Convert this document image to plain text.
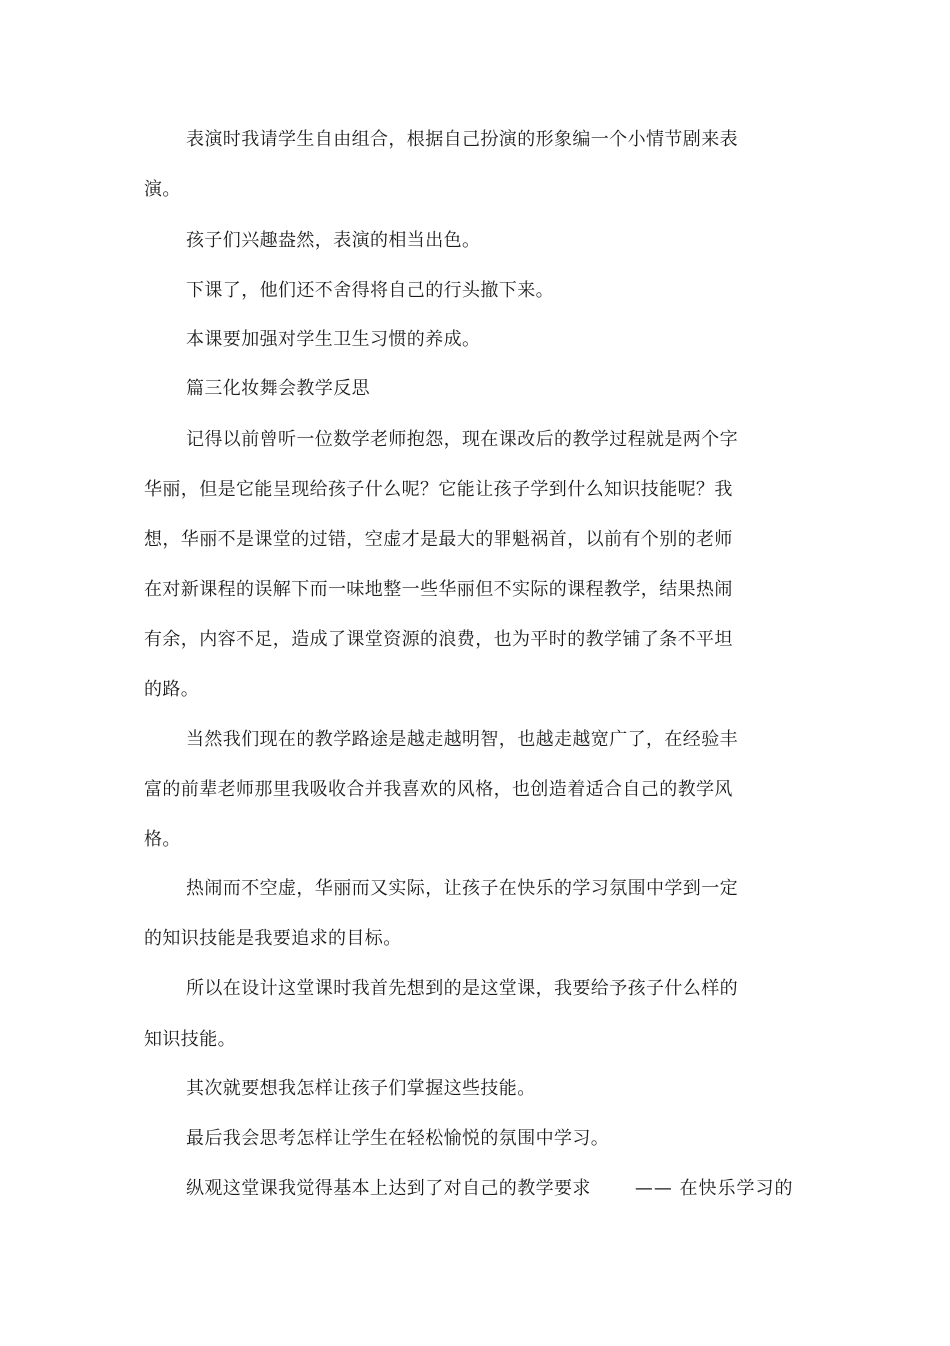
表演时我请学生自由组合，根据自己扮演的形象编一个小情节剧来表
演。
孩子们兴趣盎然，表演的相当出色。
下课了，他们还不舍得将自己的行头撤下来。
本课要加强对学生卫生习惯的养成。
篇三化妆舞会教学反思
记得以前曾听一位数学老师抱怨，现在课改后的教学过程就是两个字
华丽，但是它能呈现给孩子什么呢？它能让孩子学到什么知识技能呢？我
想，华丽不是课堂的过错，空虚才是最大的罪魁祸首，以前有个别的老师
在对新课程的误解下而一味地整一些华丽但不实际的课程教学，结果热闹
有余，内容不足，造成了课堂资源的浪费，也为平时的教学铺了条不平坦
的路。
当然我们现在的教学路途是越走越明智，也越走越宽广了，在经验丰
富的前辈老师那里我吸收合并我喜欢的风格，也创造着适合自己的教学风
格。
热闹而不空虚，华丽而又实际，让孩子在快乐的学习氛围中学到一定
的知识技能是我要追求的目标。
所以在设计这堂课时我首先想到的是这堂课，我要给予孩子什么样的
知识技能。
其次就要想我怎样让孩子们掌握这些技能。
最后我会思考怎样让学生在轻松愉悦的氛围中学习。
纵观这堂课我觉得基本上达到了对自己的教学要求 —— 在快乐学习的
